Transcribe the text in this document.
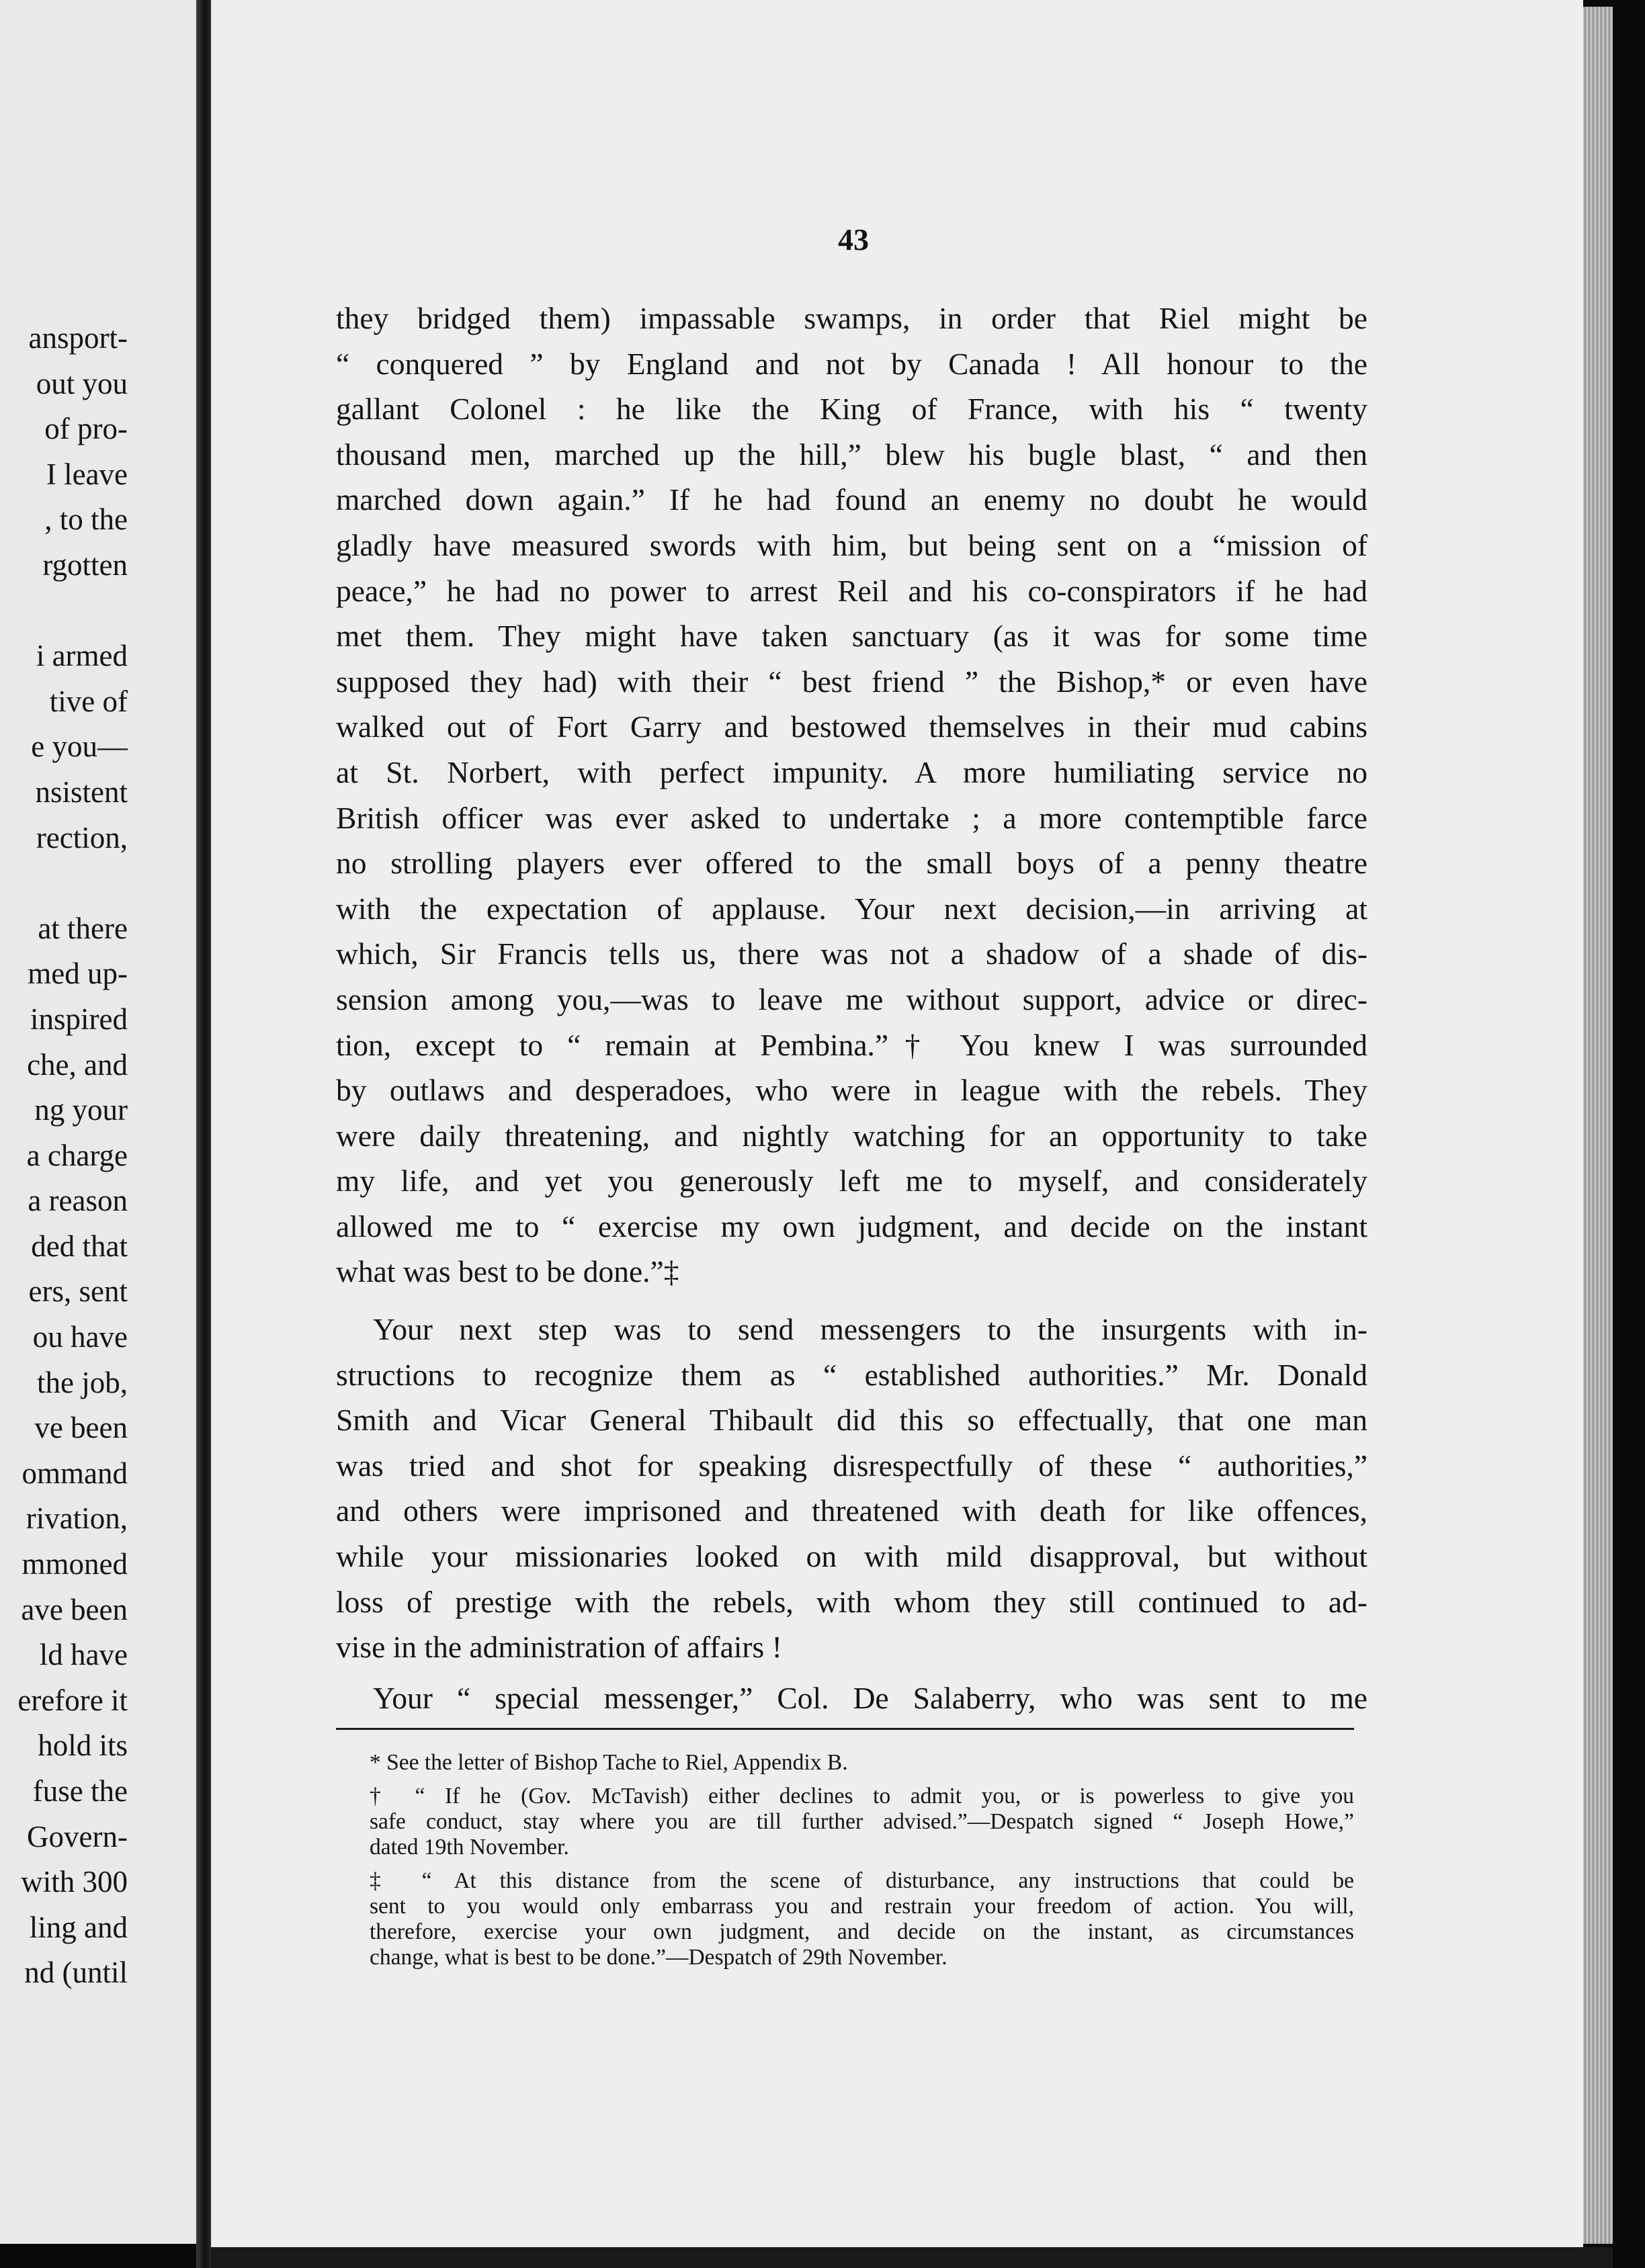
ansport-
out you
of pro-
I leave
, to the
rgotten
i armed
tive of
e you—
nsistent
rection,
at there
med up-
inspired
che, and
ng your
a charge
a reason
ded that
ers, sent
ou have
the job,
ve been
ommand
rivation,
mmoned
ave been
ld have
erefore it
hold its
fuse the
Govern-
with 300
ling and
nd (until
43
they bridged them) impassable swamps, in order that Riel might be
“ conquered ” by England and not by Canada ! All honour to the
gallant Colonel : he like the King of France, with his “ twenty
thousand men, marched up the hill,” blew his bugle blast, “ and then
marched down again.” If he had found an enemy no doubt he would
gladly have measured swords with him, but being sent on a “mission of
peace,” he had no power to arrest Reil and his co-conspirators if he had
met them. They might have taken sanctuary (as it was for some time
supposed they had) with their “ best friend ” the Bishop,* or even have
walked out of Fort Garry and bestowed themselves in their mud cabins
at St. Norbert, with perfect impunity. A more humiliating service no
British officer was ever asked to undertake ; a more contemptible farce
no strolling players ever offered to the small boys of a penny theatre
with the expectation of applause. Your next decision,—in arriving at
which, Sir Francis tells us, there was not a shadow of a shade of dis-
sension among you,—was to leave me without support, advice or direc-
tion, except to “ remain at Pembina.”† You knew I was surrounded
by outlaws and desperadoes, who were in league with the rebels. They
were daily threatening, and nightly watching for an opportunity to take
my life, and yet you generously left me to myself, and considerately
allowed me to “ exercise my own judgment, and decide on the instant
what was best to be done.”‡
Your next step was to send messengers to the insurgents with in-
structions to recognize them as “ established authorities.” Mr. Donald
Smith and Vicar General Thibault did this so effectually, that one man
was tried and shot for speaking disrespectfully of these “ authorities,”
and others were imprisoned and threatened with death for like offences,
while your missionaries looked on with mild disapproval, but without
loss of prestige with the rebels, with whom they still continued to ad-
vise in the administration of affairs !
Your “ special messenger,” Col. De Salaberry, who was sent to me
* See the letter of Bishop Tache to Riel, Appendix B.
† “ If he (Gov. McTavish) either declines to admit you, or is powerless to give you
safe conduct, stay where you are till further advised.”—Despatch signed “ Joseph Howe,”
dated 19th November.
‡ “ At this distance from the scene of disturbance, any instructions that could be
sent to you would only embarrass you and restrain your freedom of action. You will,
therefore, exercise your own judgment, and decide on the instant, as circumstances
change, what is best to be done.”—Despatch of 29th November.
